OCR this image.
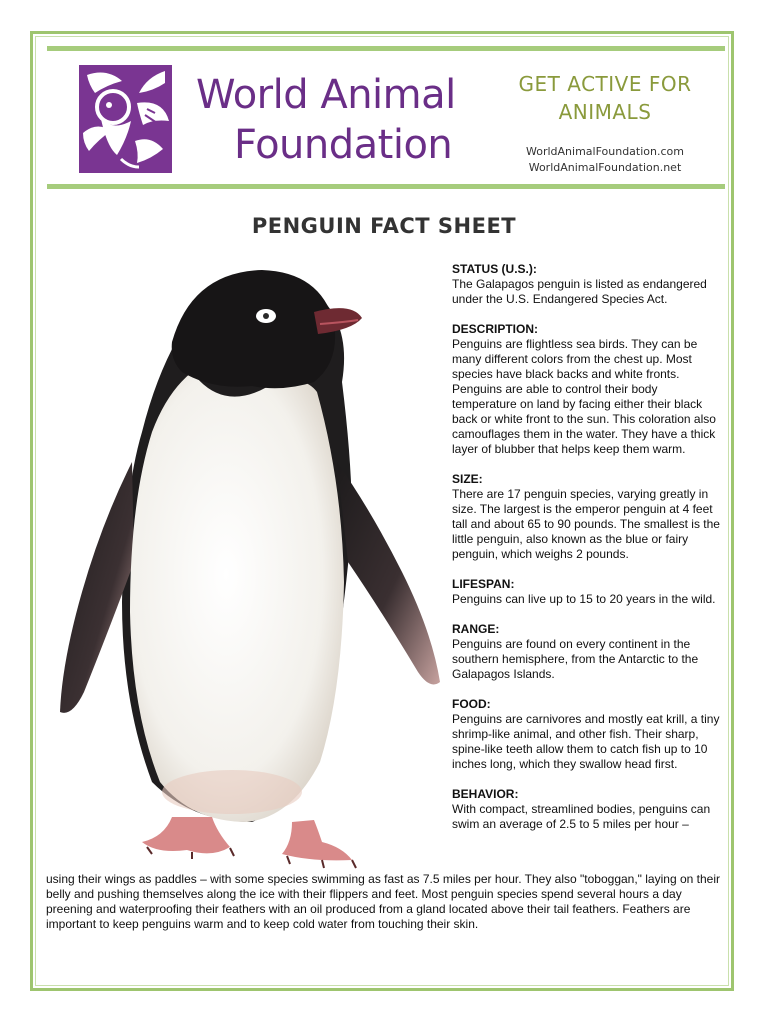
World Animal
Foundation
GET ACTIVE FOR
ANIMALS
WorldAnimalFoundation.com
WorldAnimalFoundation.net
PENGUIN FACT SHEET
STATUS (U.S.):

The Galapagos penguin is listed as endangered under the U.S. Endangered Species Act.

DESCRIPTION:

Penguins are flightless sea birds. They can be many different colors from the chest up. Most species have black backs and white fronts. Penguins are able to control their body temperature on land by facing either their black back or white front to the sun. This coloration also camouflages them in the water. They have a thick layer of blubber that helps keep them warm.

SIZE:

There are 17 penguin species, varying greatly in size. The largest is the emperor penguin at 4 feet tall and about 65 to 90 pounds. The smallest is the little penguin, also known as the blue or fairy penguin, which weighs 2 pounds.

LIFESPAN:

Penguins can live up to 15 to 20 years in the wild.

RANGE:

Penguins are found on every continent in the southern hemisphere, from the Antarctic to the Galapagos Islands.

FOOD:

Penguins are carnivores and mostly eat krill, a tiny shrimp-like animal, and other fish. Their sharp, spine-like teeth allow them to catch fish up to 10 inches long, which they swallow head first.

BEHAVIOR:

With compact, streamlined bodies, penguins can swim an average of 2.5 to 5 miles per hour –

using their wings as paddles – with some species swimming as fast as 7.5 miles per hour. They also "toboggan," laying on their belly and pushing themselves along the ice with their flippers and feet. Most penguin species spend several hours a day preening and waterproofing their feathers with an oil produced from a gland located above their tail feathers. Feathers are important to keep penguins warm and to keep cold water from touching their skin.
